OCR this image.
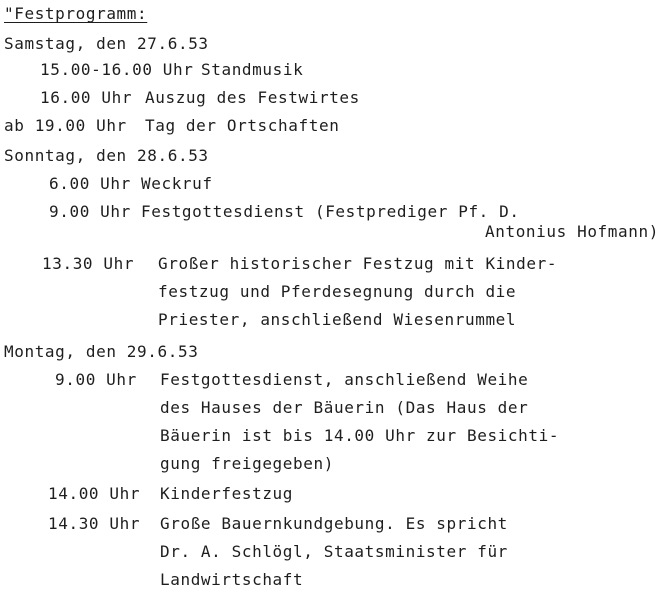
"Festprogramm:
Samstag, den 27.6.53
15.00-16.00 Uhr Standmusik
16.00 Uhr Auszug des Festwirtes
ab 19.00 Uhr Tag der Ortschaften
Sonntag, den 28.6.53
6.00 Uhr Weckruf
9.00 Uhr Festgottesdienst (Festprediger Pf. D.
Antonius Hofmann)
13.30 Uhr Großer historischer Festzug mit Kinder-
festzug und Pferdesegnung durch die
Priester, anschließend Wiesenrummel
Montag, den 29.6.53
9.00 Uhr Festgottesdienst, anschließend Weihe
des Hauses der Bäuerin (Das Haus der
Bäuerin ist bis 14.00 Uhr zur Besichti-
gung freigegeben)
14.00 Uhr Kinderfestzug
14.30 Uhr Große Bauernkundgebung. Es spricht
Dr. A. Schlögl, Staatsminister für
Landwirtschaft
